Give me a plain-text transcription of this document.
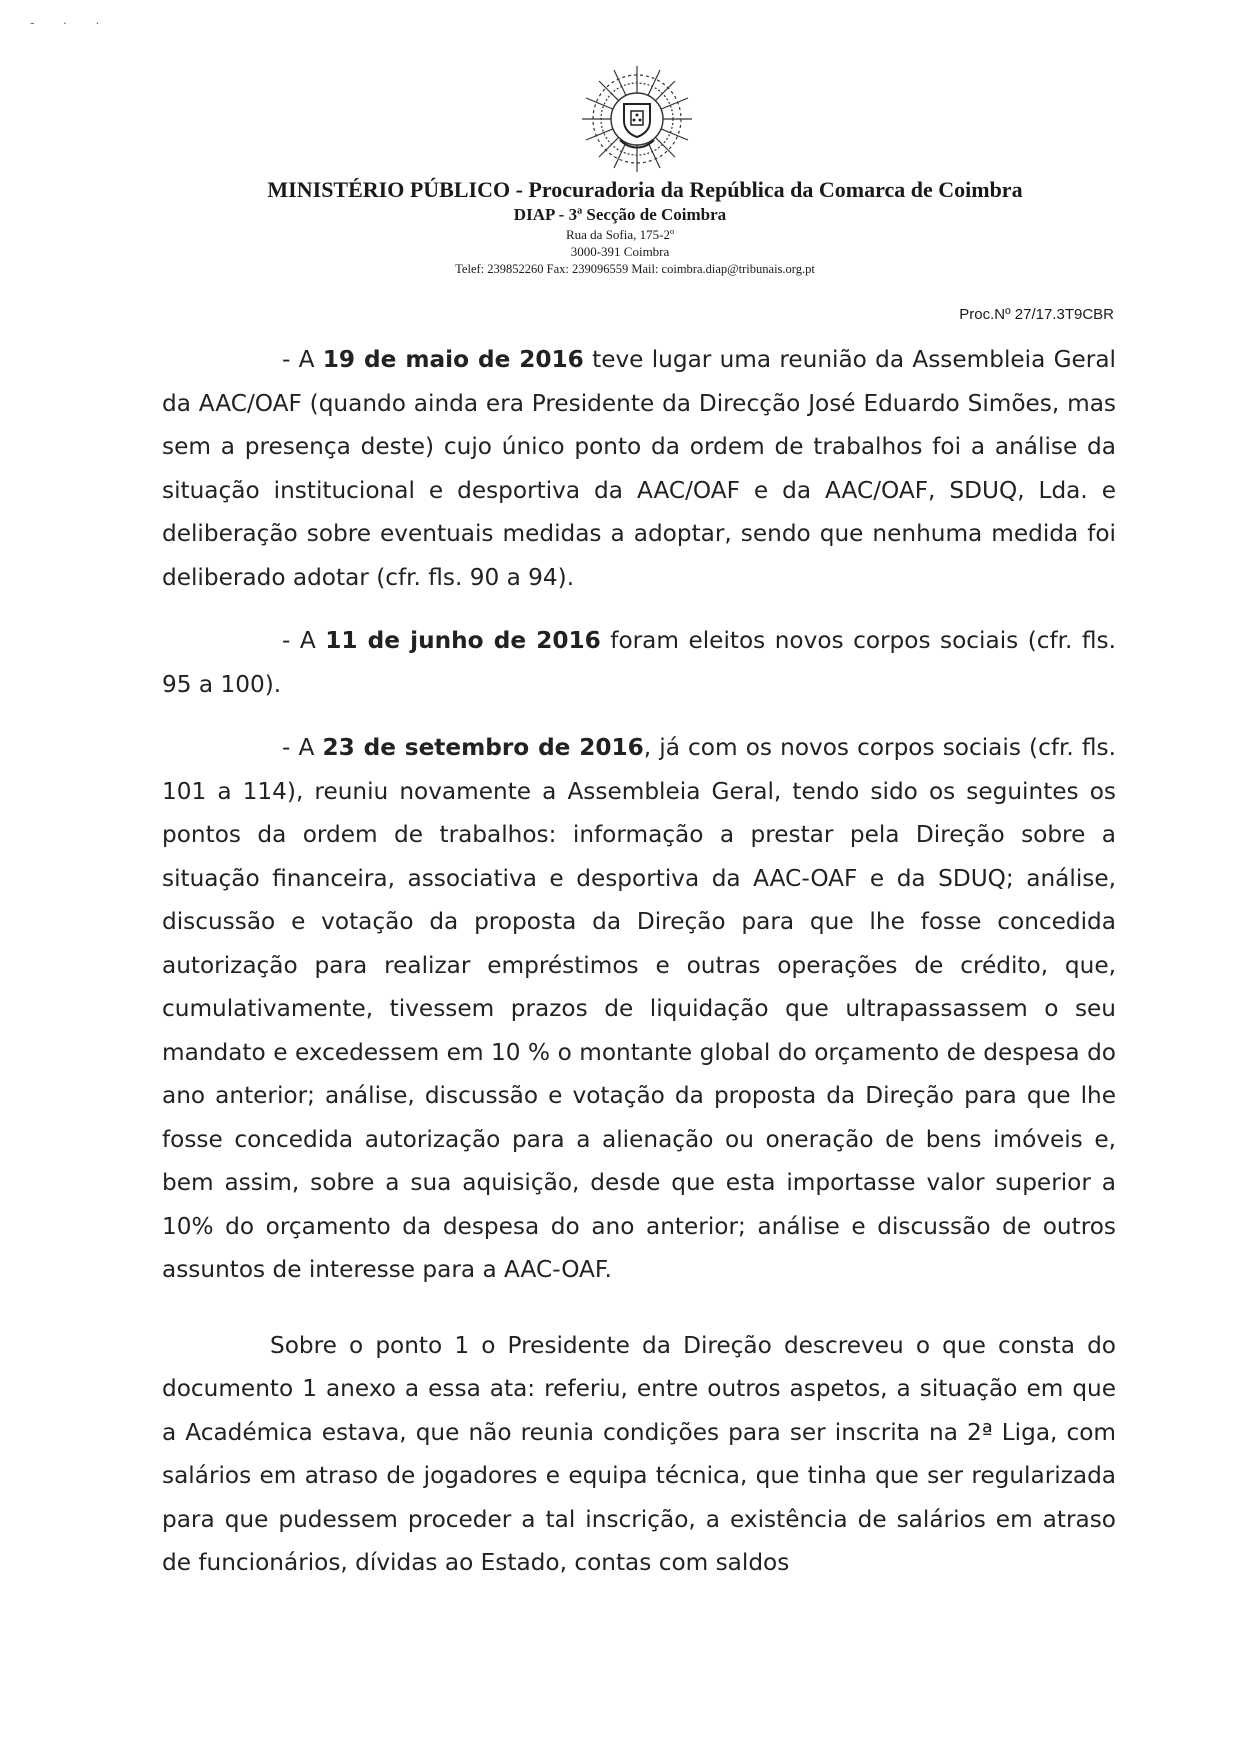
- · ·
MINISTÉRIO PÚBLICO - Procuradoria da República da Comarca de Coimbra
DIAP - 3ª Secção de Coimbra
Rua da Sofia, 175-2º
3000-391 Coimbra
Telef: 239852260 Fax: 239096559 Mail: coimbra.diap@tribunais.org.pt
Proc.Nº 27/17.3T9CBR

- A 19 de maio de 2016 teve lugar uma reunião da Assembleia Geral da AAC/OAF (quando ainda era Presidente da Direcção José Eduardo Simões, mas sem a presença deste) cujo único ponto da ordem de trabalhos foi a análise da situação institucional e desportiva da AAC/OAF e da AAC/OAF, SDUQ, Lda. e deliberação sobre eventuais medidas a adoptar, sendo que nenhuma medida foi deliberado adotar (cfr. fls. 90 a 94).

- A 11 de junho de 2016 foram eleitos novos corpos sociais (cfr. fls. 95 a 100).

- A 23 de setembro de 2016, já com os novos corpos sociais (cfr. fls. 101 a 114), reuniu novamente a Assembleia Geral, tendo sido os seguintes os pontos da ordem de trabalhos: informação a prestar pela Direção sobre a situação financeira, associativa e desportiva da AAC-OAF e da SDUQ; análise, discussão e votação da proposta da Direção para que lhe fosse concedida autorização para realizar empréstimos e outras operações de crédito, que, cumulativamente, tivessem prazos de liquidação que ultrapassassem o seu mandato e excedessem em 10 % o montante global do orçamento de despesa do ano anterior; análise, discussão e votação da proposta da Direção para que lhe fosse concedida autorização para a alienação ou oneração de bens imóveis e, bem assim, sobre a sua aquisição, desde que esta importasse valor superior a 10% do orçamento da despesa do ano anterior; análise e discussão de outros assuntos de interesse para a AAC-OAF.

Sobre o ponto 1 o Presidente da Direção descreveu o que consta do documento 1 anexo a essa ata: referiu, entre outros aspetos, a situação em que a Académica estava, que não reunia condições para ser inscrita na 2ª Liga, com salários em atraso de jogadores e equipa técnica, que tinha que ser regularizada para que pudessem proceder a tal inscrição, a existência de salários em atraso de funcionários, dívidas ao Estado, contas com saldos
